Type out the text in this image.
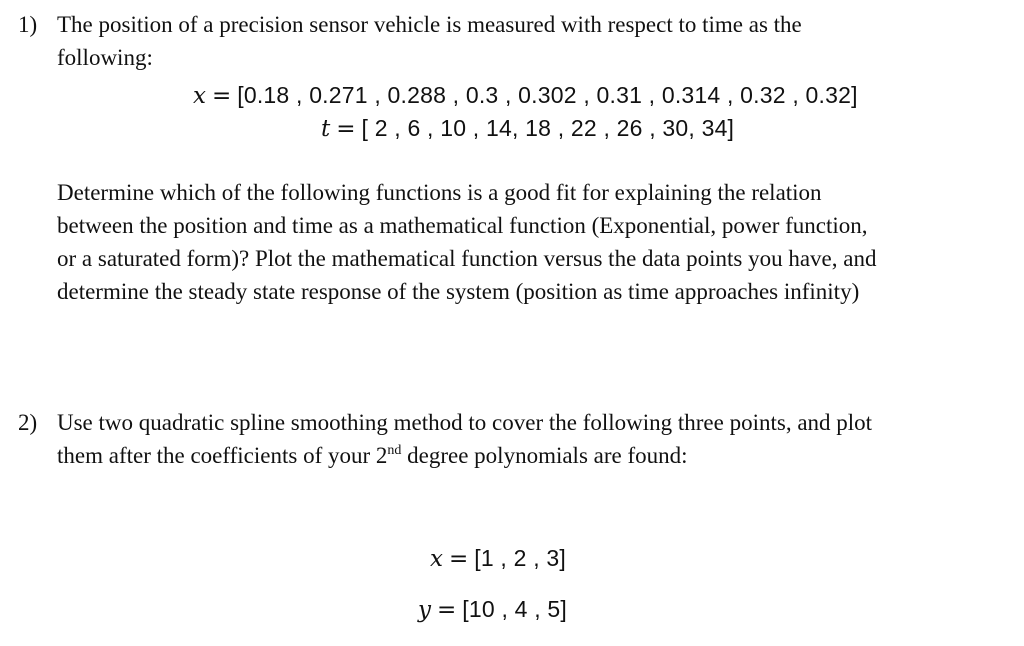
1) The position of a precision sensor vehicle is measured with respect to time as the
following:
x = [0.18 , 0.271 , 0.288 , 0.3 , 0.302 , 0.31 , 0.314 , 0.32 , 0.32]
t = [ 2 , 6 , 10 , 14, 18 , 22 , 26 , 30, 34]
Determine which of the following functions is a good fit for explaining the relation
between the position and time as a mathematical function (Exponential, power function,
or a saturated form)? Plot the mathematical function versus the data points you have, and
determine the steady state response of the system (position as time approaches infinity)
2) Use two quadratic spline smoothing method to cover the following three points, and plot
them after the coefficients of your 2nd degree polynomials are found:
x = [1 , 2 , 3]
y = [10 , 4 , 5]
